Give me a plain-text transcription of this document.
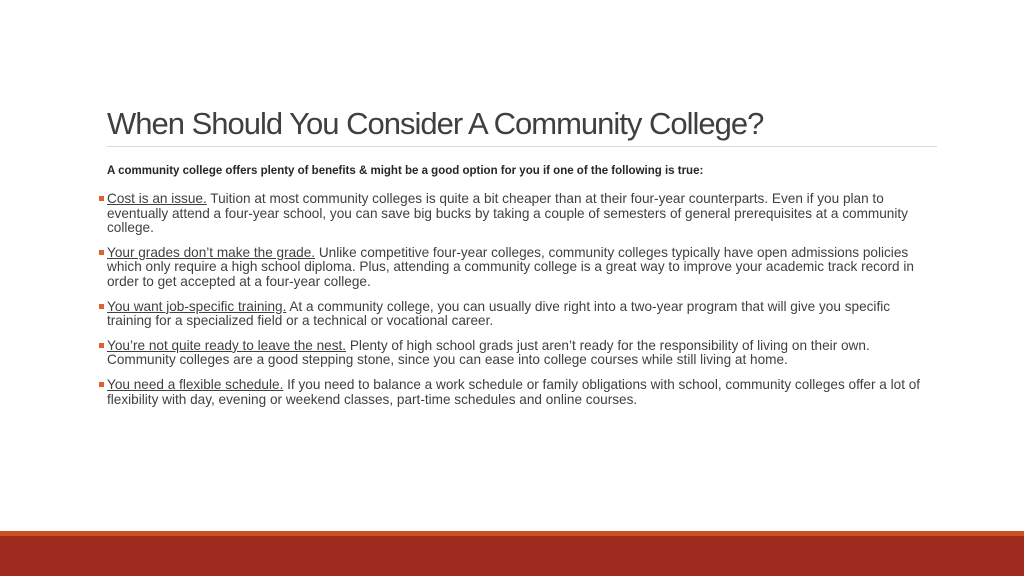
When Should You Consider A Community College?

A community college offers plenty of benefits & might be a good option for you if one of the following is true:

Cost is an issue. Tuition at most community colleges is quite a bit cheaper than at their four-year counterparts. Even if you plan to eventually attend a four-year school, you can save big bucks by taking a couple of semesters of general prerequisites at a community college.
Your grades don’t make the grade. Unlike competitive four-year colleges, community colleges typically have open admissions policies which only require a high school diploma. Plus, attending a community college is a great way to improve your academic track record in order to get accepted at a four-year college.
You want job-specific training. At a community college, you can usually dive right into a two-year program that will give you specific training for a specialized field or a technical or vocational career.
You’re not quite ready to leave the nest. Plenty of high school grads just aren’t ready for the responsibility of living on their own. Community colleges are a good stepping stone, since you can ease into college courses while still living at home.
You need a flexible schedule. If you need to balance a work schedule or family obligations with school, community colleges offer a lot of flexibility with day, evening or weekend classes, part-time schedules and online courses.
